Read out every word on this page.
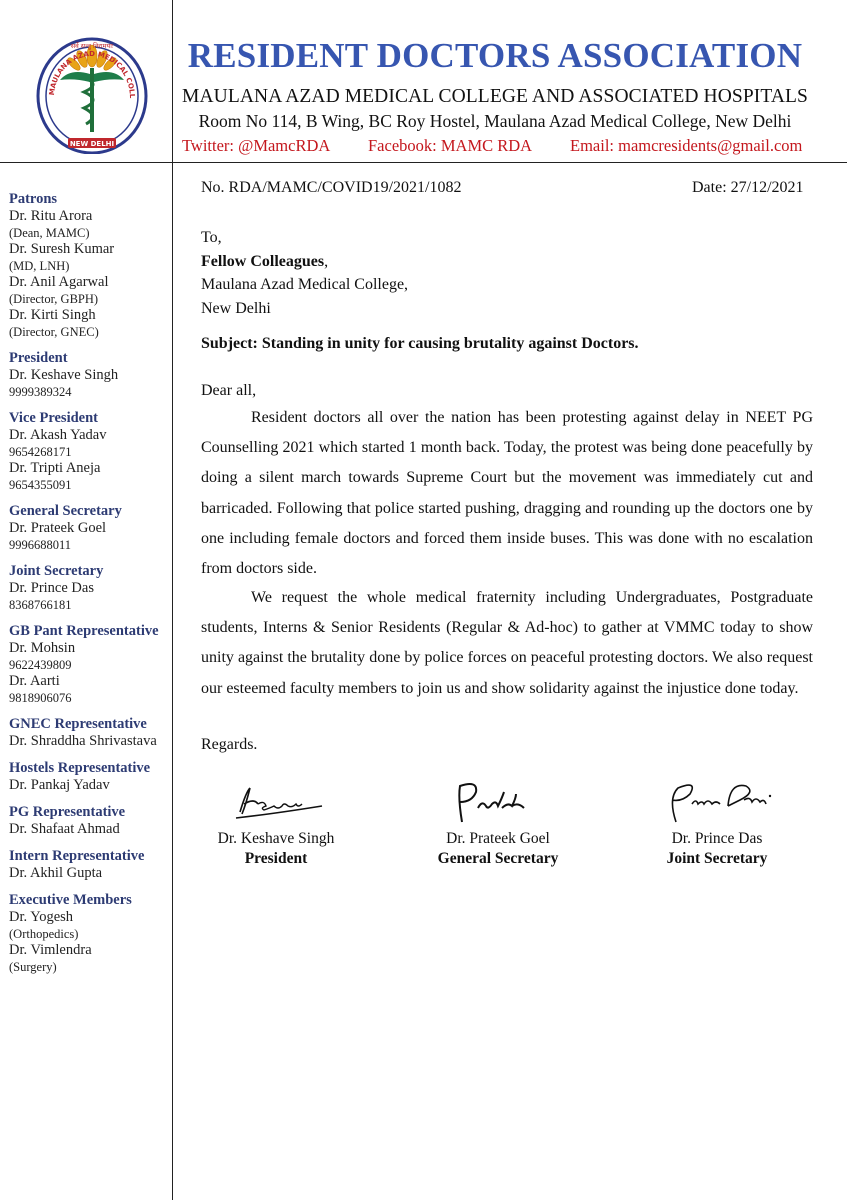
MAULANA AZAD MEDICAL COLL
सर्वे सन्तु निरामयाः
NEW DELHI
RESIDENT DOCTORS ASSOCIATION
MAULANA AZAD MEDICAL COLLEGE AND ASSOCIATED HOSPITALS
Room No 114, B Wing, BC Roy Hostel, Maulana Azad Medical College, New Delhi
Twitter: @MamcRDA Facebook: MAMC RDA Email: mamcresidents@gmail.com
Patrons
Dr. Ritu Arora
(Dean, MAMC)
Dr. Suresh Kumar
(MD, LNH)
Dr. Anil Agarwal
(Director, GBPH)
Dr. Kirti Singh
(Director, GNEC)
President
Dr. Keshave Singh
9999389324
Vice President
Dr. Akash Yadav
9654268171
Dr. Tripti Aneja
9654355091
General Secretary
Dr. Prateek Goel
9996688011
Joint Secretary
Dr. Prince Das
8368766181
GB Pant Representative
Dr. Mohsin
9622439809
Dr. Aarti
9818906076
GNEC Representative
Dr. Shraddha Shrivastava
Hostels Representative
Dr. Pankaj Yadav
PG Representative
Dr. Shafaat Ahmad
Intern Representative
Dr. Akhil Gupta
Executive Members
Dr. Yogesh
(Orthopedics)
Dr. Vimlendra
(Surgery)
No. RDA/MAMC/COVID19/2021/1082	Date: 27/12/2021
To,
Fellow Colleagues,
Maulana Azad Medical College,
New Delhi
Subject: Standing in unity for causing brutality against Doctors.
Dear all,
Resident doctors all over the nation has been protesting against delay in NEET PG Counselling 2021 which started 1 month back. Today, the protest was being done peacefully by doing a silent march towards Supreme Court but the movement was immediately cut and barricaded. Following that police started pushing, dragging and rounding up the doctors one by one including female doctors and forced them inside buses. This was done with no escalation from doctors side.
We request the whole medical fraternity including Undergraduates, Postgraduate students, Interns & Senior Residents (Regular & Ad-hoc) to gather at VMMC today to show unity against the brutality done by police forces on peaceful protesting doctors. We also request our esteemed faculty members to join us and show solidarity against the injustice done today.
Regards.
Dr. Keshave Singh
President
Dr. Prateek Goel
General Secretary
Dr. Prince Das
Joint Secretary
